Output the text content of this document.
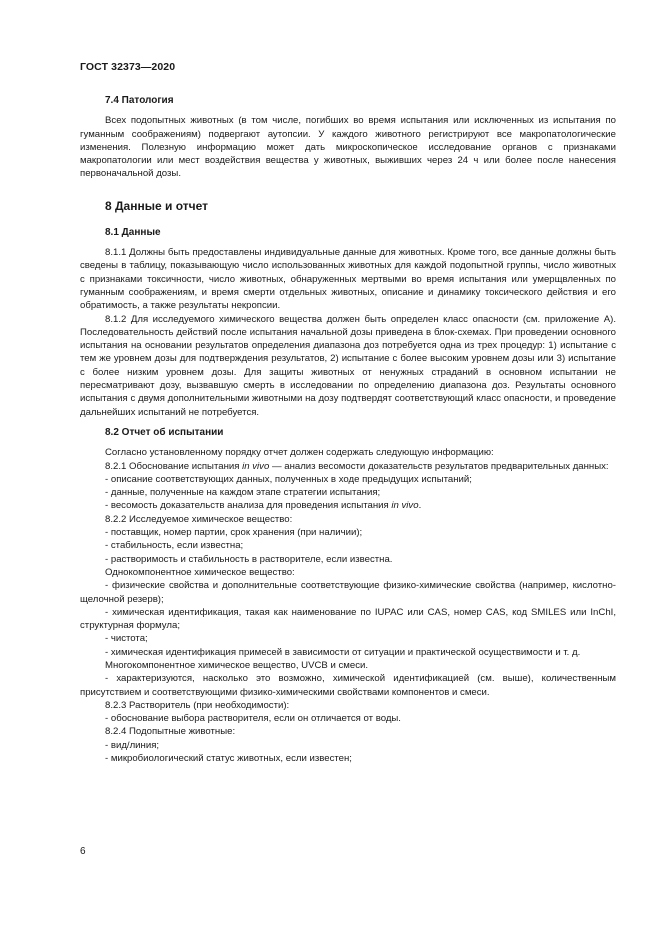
ГОСТ 32373—2020

7.4 Патология

Всех подопытных животных (в том числе, погибших во время испытания или исключенных из испытания по гуманным соображениям) подвергают аутопсии. У каждого животного регистрируют все макропатологические изменения. Полезную информацию может дать микроскопическое исследование органов с признаками макропатологии или мест воздействия вещества у животных, выживших через 24 ч или более после нанесения первоначальной дозы.

8 Данные и отчет

8.1 Данные

8.1.1 Должны быть предоставлены индивидуальные данные для животных. Кроме того, все данные должны быть сведены в таблицу, показывающую число использованных животных для каждой подопытной группы, число животных с признаками токсичности, число животных, обнаруженных мертвыми во время испытания или умерщвленных по гуманным соображениям, и время смерти отдельных животных, описание и динамику токсического действия и его обратимость, а также результаты некропсии.

8.1.2 Для исследуемого химического вещества должен быть определен класс опасности (см. приложение А). Последовательность действий после испытания начальной дозы приведена в блок-схемах. При проведении основного испытания на основании результатов определения диапазона доз потребуется одна из трех процедур: 1) испытание с тем же уровнем дозы для подтверждения результатов, 2) испытание с более высоким уровнем дозы или 3) испытание с более низким уровнем дозы. Для защиты животных от ненужных страданий в основном испытании не пересматривают дозу, вызвавшую смерть в исследовании по определению диапазона доз. Результаты основного испытания с двумя дополнительными животными на дозу подтвердят соответствующий класс опасности, и проведение дальнейших испытаний не потребуется.

8.2 Отчет об испытании

Согласно установленному порядку отчет должен содержать следующую информацию:

8.2.1 Обоснование испытания in vivo — анализ весомости доказательств результатов предварительных данных:

- описание соответствующих данных, полученных в ходе предыдущих испытаний;

- данные, полученные на каждом этапе стратегии испытания;

- весомость доказательств анализа для проведения испытания in vivo.

8.2.2 Исследуемое химическое вещество:

- поставщик, номер партии, срок хранения (при наличии);

- стабильность, если известна;

- растворимость и стабильность в растворителе, если известна.

Однокомпонентное химическое вещество:

- физические свойства и дополнительные соответствующие физико-химические свойства (например, кислотно-щелочной резерв);

- химическая идентификация, такая как наименование по IUPAC или CAS, номер CAS, код SMILES или InChI, структурная формула;

- чистота;

- химическая идентификация примесей в зависимости от ситуации и практической осуществимости и т. д.

Многокомпонентное химическое вещество, UVCB и смеси.

- характеризуются, насколько это возможно, химической идентификацией (см. выше), количественным присутствием и соответствующими физико-химическими свойствами компонентов и смеси.

8.2.3 Растворитель (при необходимости):

- обоснование выбора растворителя, если он отличается от воды.

8.2.4 Подопытные животные:

- вид/линия;

- микробиологический статус животных, если известен;

6
